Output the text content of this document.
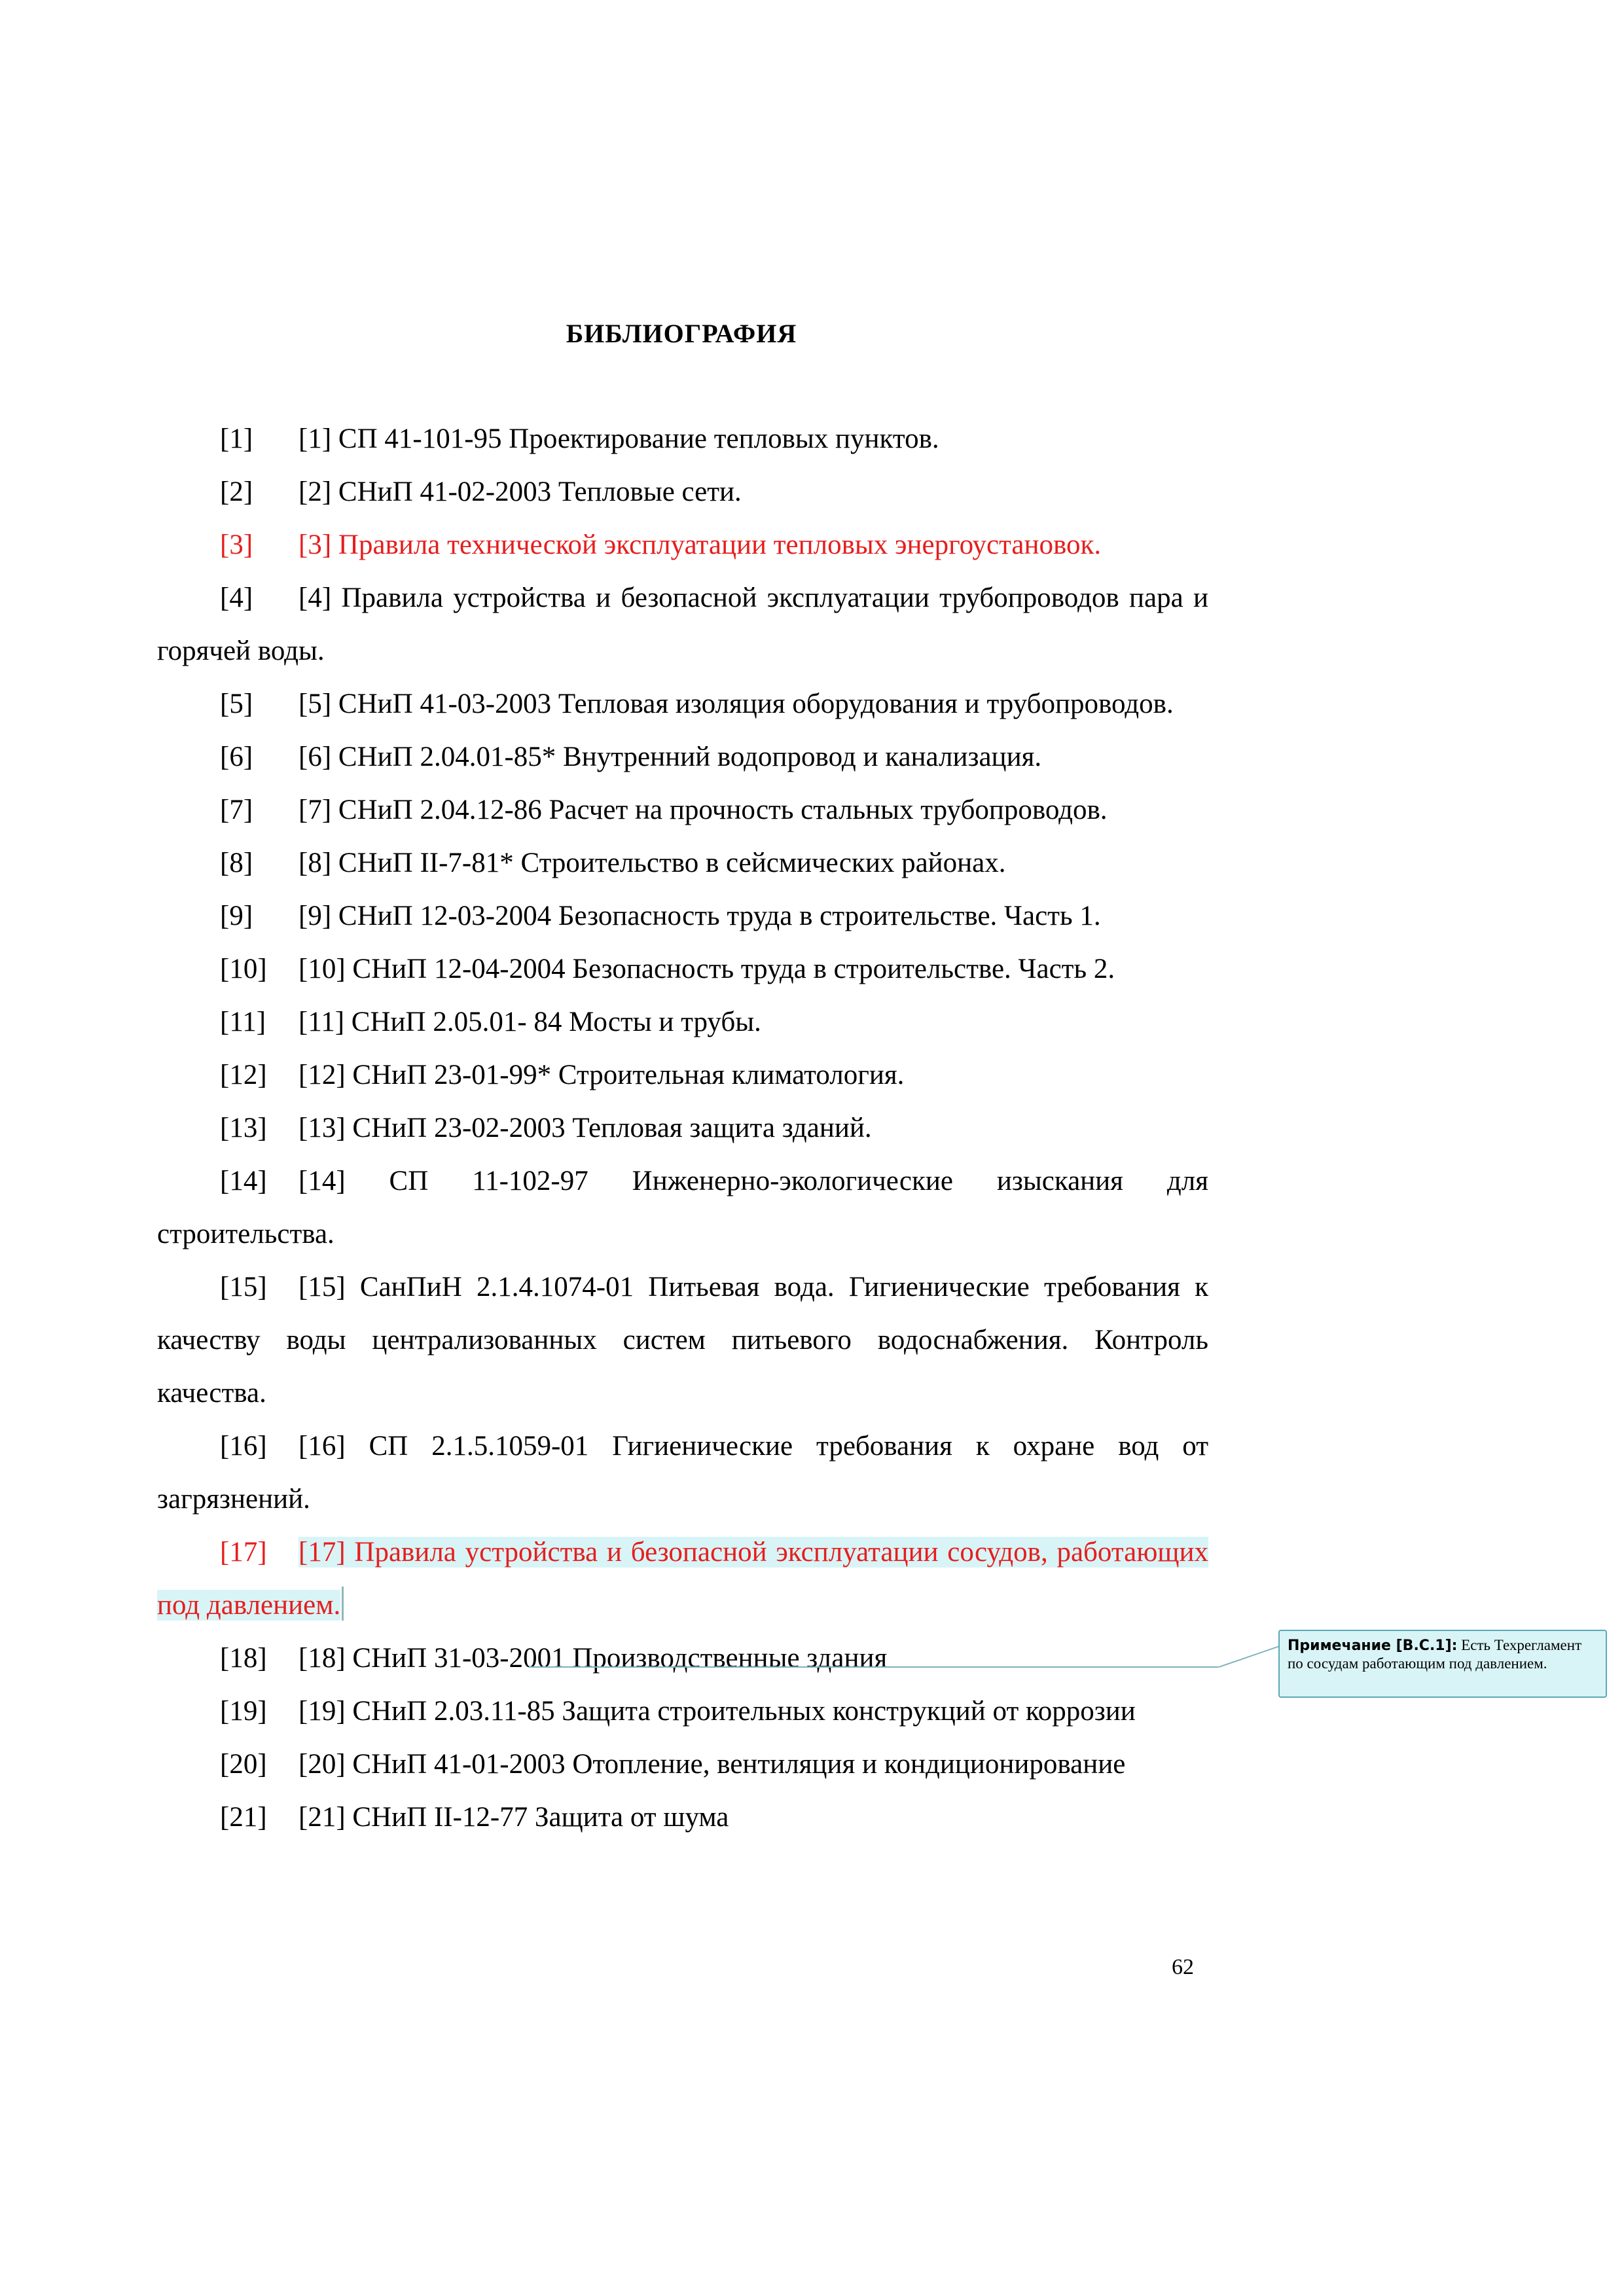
БИБЛИОГРАФИЯ

[1] [1] СП 41-101-95 Проектирование тепловых пунктов.

[2] [2] СНиП 41-02-2003 Тепловые сети.

[3] [3] Правила технической эксплуатации тепловых энергоустановок.

[4] [4] Правила устройства и безопасной эксплуатации трубопроводов пара и горячей воды.

[5] [5] СНиП 41-03-2003 Тепловая изоляция оборудования и трубопроводов.

[6] [6] СНиП 2.04.01-85* Внутренний водопровод и канализация.

[7] [7] СНиП 2.04.12-86 Расчет на прочность стальных трубопроводов.

[8] [8] СНиП II-7-81* Строительство в сейсмических районах.

[9] [9] СНиП 12-03-2004 Безопасность труда в строительстве. Часть 1.

[10] [10] СНиП 12-04-2004 Безопасность труда в строительстве. Часть 2.

[11] [11] СНиП 2.05.01- 84 Мосты и трубы.

[12] [12] СНиП 23-01-99* Строительная климатология.

[13] [13] СНиП 23-02-2003 Тепловая защита зданий.

[14] [14] СП 11-102-97 Инженерно-экологические изыскания для строительства.

[15] [15] СанПиН 2.1.4.1074-01 Питьевая вода. Гигиенические требования к качеству воды централизованных систем питьевого водоснабжения. Контроль качества.

[16] [16] СП 2.1.5.1059-01 Гигиенические требования к охране вод от загрязнений.

[17] [17] Правила устройства и безопасной эксплуатации сосудов, работающих под давлением.

[18] [18] СНиП 31-03-2001 Производственные здания

[19] [19] СНиП 2.03.11-85 Защита строительных конструкций от коррозии

[20] [20] СНиП 41-01-2003 Отопление, вентиляция и кондиционирование

[21] [21] СНиП II-12-77 Защита от шума

Примечание [B.C.1]: Есть Техрегламент по сосудам работающим под давлением.
62
